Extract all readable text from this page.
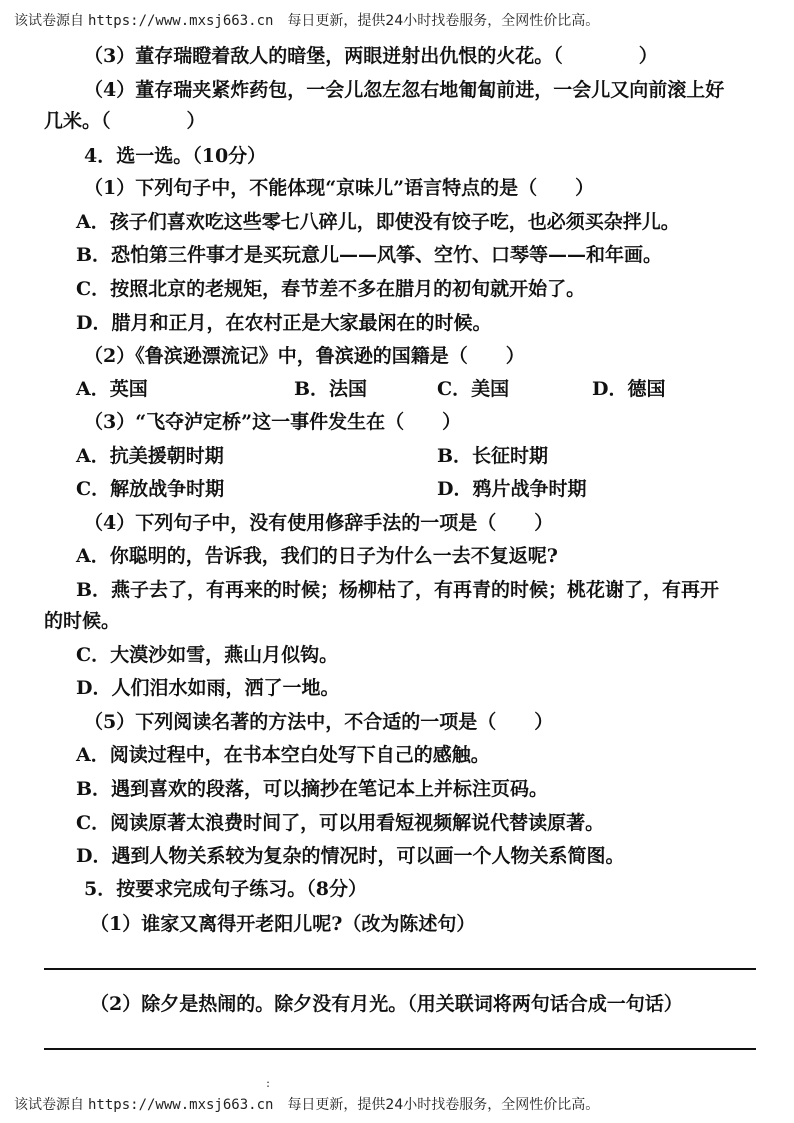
该试卷源自 https://www.mxsj663.cn 每日更新，提供24小时找卷服务，全网性价比高。
（3）董存瑞瞪着敌人的暗堡，两眼迸射出仇恨的火花。（　　　　）
（4）董存瑞夹紧炸药包，一会儿忽左忽右地匍匐前进，一会儿又向前滚上好
几米。（　　　　）
4．选一选。（10分）
（1）下列句子中，不能体现“京味儿”语言特点的是（　　）
A．孩子们喜欢吃这些零七八碎儿，即使没有饺子吃，也必须买杂拌儿。
B．恐怕第三件事才是买玩意儿——风筝、空竹、口琴等——和年画。
C．按照北京的老规矩，春节差不多在腊月的初旬就开始了。
D．腊月和正月，在农村正是大家最闲在的时候。
（2）《鲁滨逊漂流记》中，鲁滨逊的国籍是（　　）
A．英国	B．法国	C．美国	D．德国
（3）“飞夺泸定桥”这一事件发生在（　　）
A．抗美援朝时期	B．长征时期
C．解放战争时期	D．鸦片战争时期
（4）下列句子中，没有使用修辞手法的一项是（　　）
A．你聪明的，告诉我，我们的日子为什么一去不复返呢?
B．燕子去了，有再来的时候；杨柳枯了，有再青的时候；桃花谢了，有再开
的时候。
C．大漠沙如雪，燕山月似钩。
D．人们泪水如雨，洒了一地。
（5）下列阅读名著的方法中，不合适的一项是（　　）
A．阅读过程中，在书本空白处写下自己的感触。
B．遇到喜欢的段落，可以摘抄在笔记本上并标注页码。
C．阅读原著太浪费时间了，可以用看短视频解说代替读原著。
D．遇到人物关系较为复杂的情况时，可以画一个人物关系简图。
5．按要求完成句子练习。（8分）
（1）谁家又离得开老阳儿呢?（改为陈述句）
（2）除夕是热闹的。除夕没有月光。（用关联词将两句话合成一句话）
:
该试卷源自 https://www.mxsj663.cn 每日更新，提供24小时找卷服务，全网性价比高。
